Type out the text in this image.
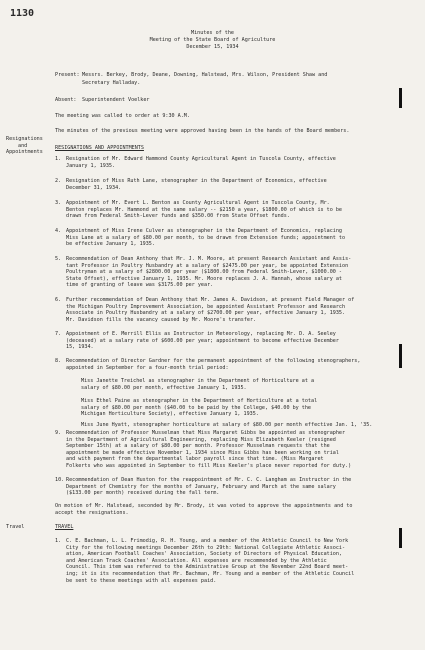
1130
Minutes of the
Meeting of the State Board of Agriculture
December 15, 1934
Present: Messrs. Berkey, Brody, Deane, Downing, Halstead, Mrs. Wilson, President Shaw and
Secretary Halladay.
Absent: Superintendent Voelker
The meeting was called to order at 9:30 A.M.
The minutes of the previous meeting were approved having been in the hands of the Board members.
Resignations
and
Appointments
RESIGNATIONS AND APPOINTMENTS
1. Resignation of Mr. Edward Hammond County Agricultural Agent in Tuscola County, effective
January 1, 1935.
2. Resignation of Miss Ruth Lane, stenographer in the Department of Economics, effective
December 31, 1934.
3. Appointment of Mr. Evert L. Benton as County Agricultural Agent in Tuscola County, Mr.
Benton replaces Mr. Hammond at the same salary -- $2150 a year, $1800.00 of which is to be
drawn from Federal Smith-Lever funds and $350.00 from State Offset funds.
4. Appointment of Miss Irene Culver as stenographer in the Department of Economics, replacing
Miss Lane at a salary of $80.00 per month, to be drawn from Extension funds; appointment to
be effective January 1, 1935.
5. Recommendation of Dean Anthony that Mr. J. M. Moore, at present Research Assistant and Assis-
tant Professor in Poultry Husbandry at a salary of $2475.00 per year, be appointed Extension
Poultryman at a salary of $2800.00 per year ($1800.00 from Federal Smith-Lever, $1000.00 -
State Offset), effective January 1, 1935. Mr. Moore replaces J. A. Hannah, whose salary at
time of granting of leave was $3175.00 per year.
6. Further recommendation of Dean Anthony that Mr. James A. Davidson, at present Field Manager of
the Michigan Poultry Improvement Association, be appointed Assistant Professor and Research
Associate in Poultry Husbandry at a salary of $2700.00 per year, effective January 1, 1935.
Mr. Davidson fills the vacancy caused by Mr. Moore's transfer.
7. Appointment of E. Merrill Ellis as Instructor in Meteorology, replacing Mr. D. A. Seeley
(deceased) at a salary rate of $600.00 per year; appointment to become effective December
15, 1934.
8. Recommendation of Director Gardner for the permanent appointment of the following stenographers,
appointed in September for a four-month trial period:
Miss Janette Treichel as stenographer in the Department of Horticulture at a
salary of $80.00 per month, effective January 1, 1935.
Miss Ethel Paine as stenographer in the Department of Horticulture at a total
salary of $80.00 per month ($40.00 to be paid by the College, $40.00 by the
Michigan Horticulture Society), effective January 1, 1935.
Miss June Hyatt, stenographer horticulture at salary of $80.00 per month effective Jan. 1, '35.
9. Recommendation of Professor Musselman that Miss Margaret Gibbs be appointed as stenographer
in the Department of Agricultural Engineering, replacing Miss Elizabeth Keeler (resigned
September 15th) at a salary of $80.00 per month. Professor Musselman requests that the
appointment be made effective November 1, 1934 since Miss Gibbs has been working on trial
and with payment from the departmental labor payroll since that time. (Miss Margaret
Folkerts who was appointed in September to fill Miss Keeler's place never reported for duty.)
10. Recommendation of Dean Huston for the reappointment of Mr. C. C. Langham as Instructor in the
Department of Chemistry for the months of January, February and March at the same salary
($133.00 per month) received during the fall term.
On motion of Mr. Halstead, seconded by Mr. Brody, it was voted to approve the appointments and to
accept the resignations.
Travel	TRAVEL
1. C. E. Bachman, L. L. Frimodig, R. H. Young, and a member of the Athletic Council to New York
City for the following meetings December 26th to 29th: National Collegiate Athletic Associ-
ation, American Football Coaches' Association, Society of Directors of Physical Education,
and American Track Coaches' Association. All expenses are recommended by the Athletic
Council. This item was referred to the Administrative Group at the November 22nd Board meet-
ing; it is its recommendation that Mr. Bachman, Mr. Young and a member of the Athletic Council
be sent to these meetings with all expenses paid.
